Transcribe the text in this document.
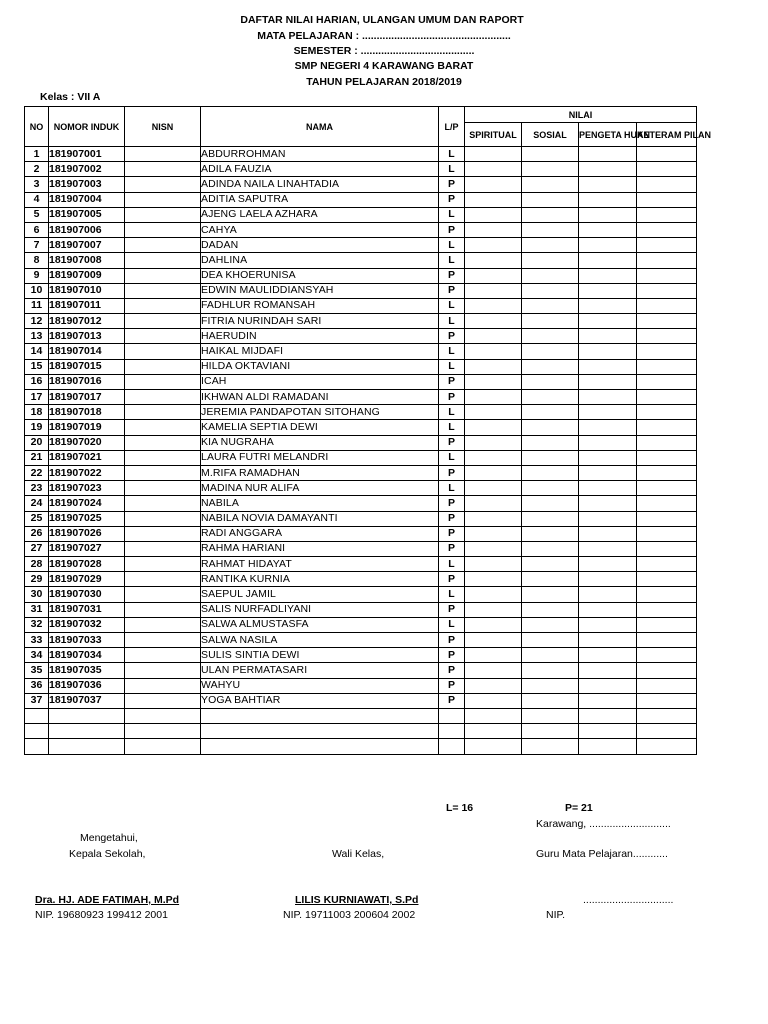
DAFTAR NILAI HARIAN, ULANGAN UMUM DAN RAPORT
MATA PELAJARAN : ...................................................
SEMESTER : .......................................
SMP NEGERI 4 KARAWANG BARAT
TAHUN PELAJARAN 2018/2019
Kelas : VII A
NO	NOMOR INDUK	NISN	NAMA	L/P	NILAI			
					SPIRITUAL	SOSIAL	PENGETA HUAN	KETERAM PILAN
1	181907001		ABDURROHMAN	L				
2	181907002		ADILA FAUZIA	L				
3	181907003		ADINDA NAILA LINAHTADIA	P				
4	181907004		ADITIA SAPUTRA	P				
5	181907005		AJENG LAELA AZHARA	L				
6	181907006		CAHYA	P				
7	181907007		DADAN	L				
8	181907008		DAHLINA	L				
9	181907009		DEA KHOERUNISA	P				
10	181907010		EDWIN MAULIDDIANSYAH	P				
11	181907011		FADHLUR ROMANSAH	L				
12	181907012		FITRIA NURINDAH SARI	L				
13	181907013		HAERUDIN	P				
14	181907014		HAIKAL MIJDAFI	L				
15	181907015		HILDA OKTAVIANI	L				
16	181907016		ICAH	P				
17	181907017		IKHWAN ALDI RAMADANI	P				
18	181907018		JEREMIA PANDAPOTAN SITOHANG	L				
19	181907019		KAMELIA SEPTIA DEWI	L				
20	181907020		KIA NUGRAHA	P				
21	181907021		LAURA FUTRI MELANDRI	L				
22	181907022		M.RIFA RAMADHAN	P				
23	181907023		MADINA NUR ALIFA	L				
24	181907024		NABILA	P				
25	181907025		NABILA NOVIA DAMAYANTI	P				
26	181907026		RADI ANGGARA	P				
27	181907027		RAHMA HARIANI	P				
28	181907028		RAHMAT HIDAYAT	L				
29	181907029		RANTIKA KURNIA	P				
30	181907030		SAEPUL JAMIL	L				
31	181907031		SALIS NURFADLIYANI	P				
32	181907032		SALWA ALMUSTASFA	L				
33	181907033		SALWA NASILA	P				
34	181907034		SULIS SINTIA DEWI	P				
35	181907035		ULAN PERMATASARI	P				
36	181907036		WAHYU	P				
37	181907037		YOGA BAHTIAR	P				

L= 16	P= 21
Karawang, ............................
Mengetahui,
Kepala Sekolah,	Wali Kelas,	Guru Mata Pelajaran............
Dra. HJ. ADE FATIMAH, M.Pd	LILIS KURNIAWATI, S.Pd	...............................
NIP. 19680923 199412 2001	NIP. 19711003 200604 2002	NIP.
